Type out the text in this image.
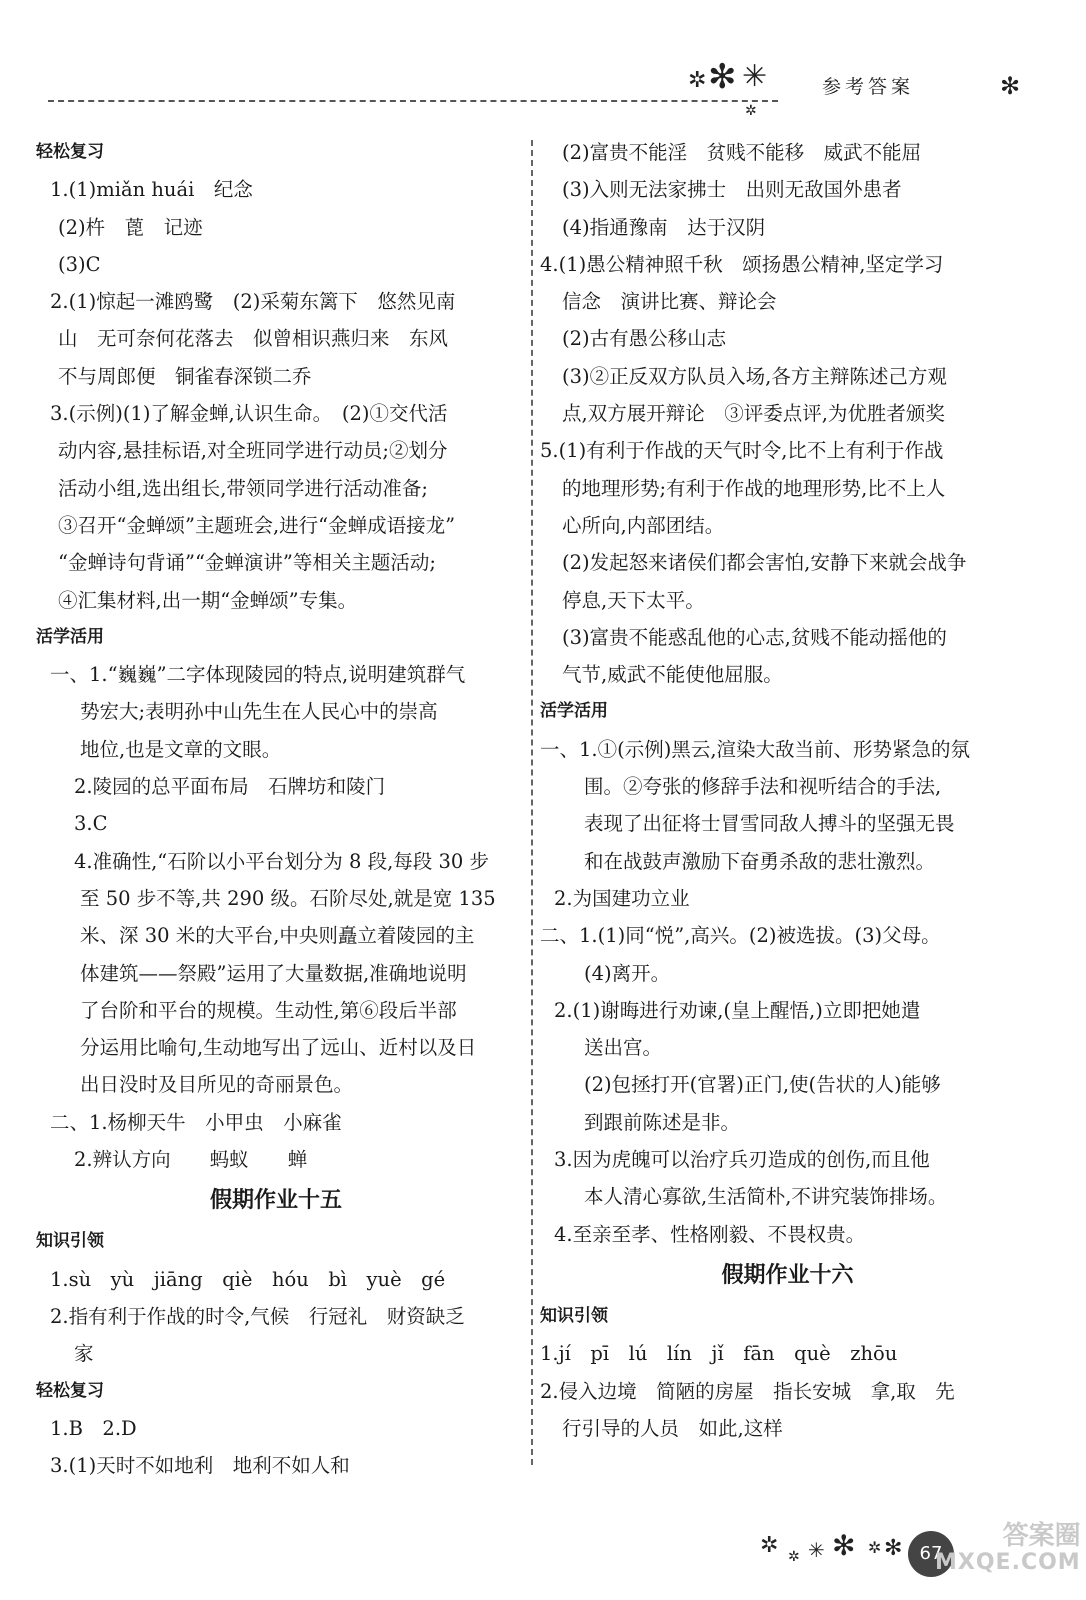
✲ ✻ ✳
✲
参考答案	✻
轻松复习
1.(1)miǎn huái　纪念
(2)杵　蓖　记迹
(3)C
2.(1)惊起一滩鸥鹭　(2)采菊东篱下　悠然见南
山　无可奈何花落去　似曾相识燕归来　东风
不与周郎便　铜雀春深锁二乔
3.(示例)(1)了解金蝉,认识生命。　(2)①交代活
动内容,悬挂标语,对全班同学进行动员;②划分
活动小组,选出组长,带领同学进行活动准备;
③召开“金蝉颂”主题班会,进行“金蝉成语接龙”
“金蝉诗句背诵”“金蝉演讲”等相关主题活动;
④汇集材料,出一期“金蝉颂”专集。
活学活用
一、1.“巍巍”二字体现陵园的特点,说明建筑群气
势宏大;表明孙中山先生在人民心中的崇高
地位,也是文章的文眼。
2.陵园的总平面布局　石牌坊和陵门
3.C
4.准确性,“石阶以小平台划分为 8 段,每段 30 步
至 50 步不等,共 290 级。石阶尽处,就是宽 135
米、深 30 米的大平台,中央则矗立着陵园的主
体建筑——祭殿”运用了大量数据,准确地说明
了台阶和平台的规模。生动性,第⑥段后半部
分运用比喻句,生动地写出了远山、近村以及日
出日没时及目所见的奇丽景色。
二、1.杨柳天牛　小甲虫　小麻雀
2.辨认方向　　蚂蚁　　蝉
假期作业十五
知识引领
1.sù　yù　jiāng　qiè　hóu　bì　yuè　gé
2.指有利于作战的时令,气候　行冠礼　财资缺乏
家
轻松复习
1.B　2.D
3.(1)天时不如地利　地利不如人和
(2)富贵不能淫　贫贱不能移　威武不能屈
(3)入则无法家拂士　出则无敌国外患者
(4)指通豫南　达于汉阴
4.(1)愚公精神照千秋　颂扬愚公精神,坚定学习
信念　演讲比赛、辩论会
(2)古有愚公移山志
(3)②正反双方队员入场,各方主辩陈述己方观
点,双方展开辩论　③评委点评,为优胜者颁奖
5.(1)有利于作战的天气时令,比不上有利于作战
的地理形势;有利于作战的地理形势,比不上人
心所向,内部团结。
(2)发起怒来诸侯们都会害怕,安静下来就会战争
停息,天下太平。
(3)富贵不能惑乱他的心志,贫贱不能动摇他的
气节,威武不能使他屈服。
活学活用
一、1.①(示例)黑云,渲染大敌当前、形势紧急的氛
围。②夸张的修辞手法和视听结合的手法,
表现了出征将士冒雪同敌人搏斗的坚强无畏
和在战鼓声激励下奋勇杀敌的悲壮激烈。
2.为国建功立业
二、1.(1)同“悦”,高兴。(2)被选拔。(3)父母。
(4)离开。
2.(1)谢晦进行劝谏,(皇上醒悟,)立即把她遣
送出宫。
(2)包拯打开(官署)正门,使(告状的人)能够
到跟前陈述是非。
3.因为虎魄可以治疗兵刃造成的创伤,而且他
本人清心寡欲,生活简朴,不讲究装饰排场。
4.至亲至孝、性格刚毅、不畏权贵。
假期作业十六
知识引领
1.jí　pī　lú　lín　jǐ　fān　què　zhōu
2.侵入边境　简陋的房屋　指长安城　拿,取　先
行引导的人员　如此,这样
✲ ✲ ✳ ✻ ✲ ✻ 67
答案圈
MXQE.COM
